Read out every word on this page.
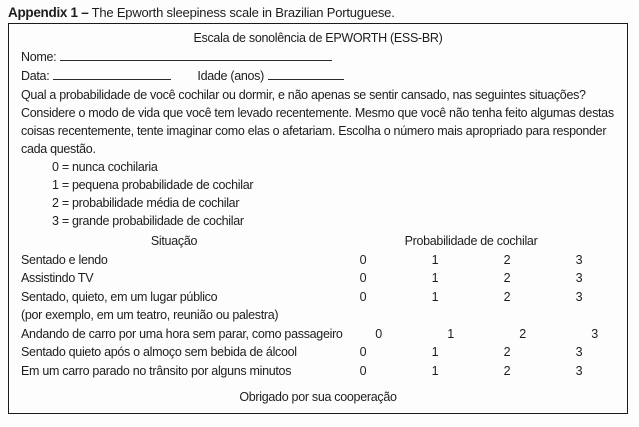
Appendix 1 – The Epworth sleepiness scale in Brazilian Portuguese.
Escala de sonolência de EPWORTH (ESS-BR)
Nome:
Data:	Idade (anos)
Qual a probabilidade de você cochilar ou dormir, e não apenas se sentir cansado, nas seguintes situações?
Considere o modo de vida que você tem levado recentemente. Mesmo que você não tenha feito algumas destas
coisas recentemente, tente imaginar como elas o afetariam. Escolha o número mais apropriado para responder
cada questão.
0 = nunca cochilaria
1 = pequena probabilidade de cochilar
2 = probabilidade média de cochilar
3 = grande probabilidade de cochilar
Situação	Probabilidade de cochilar
Sentado e lendo	0	1	2	3
Assistindo TV	0	1	2	3
Sentado, quieto, em um lugar público
(por exemplo, em um teatro, reunião ou palestra)
0	1	2	3
Andando de carro por uma hora sem parar, como passageiro	0	1	2	3
Sentado quieto após o almoço sem bebida de álcool	0	1	2	3
Em um carro parado no trânsito por alguns minutos	0	1	2	3
Obrigado por sua cooperação
